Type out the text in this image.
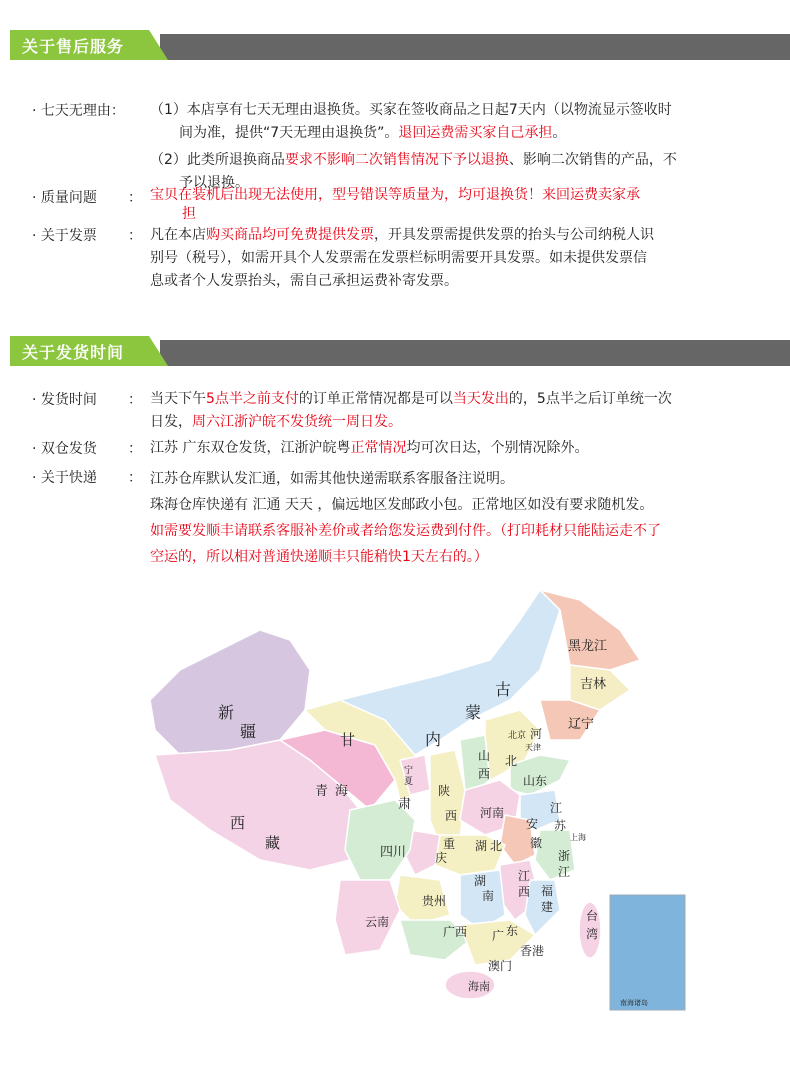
关于售后服务
· 七天无理由： （1）本店享有七天无理由退换货。买家在签收商品之日起7天内（以物流显示签收时
间为准，提供“7天无理由退换货”。退回运费需买家自己承担。
（2）此类所退换商品要求不影响二次销售情况下予以退换、影响二次销售的产品，不
予以退换。
· 质量问题 ： 宝贝在装机后出现无法使用，型号错误等质量为，均可退换货！来回运费卖家承
担
· 关于发票 ： 凡在本店购买商品均可免费提供发票，开具发票需提供发票的抬头与公司纳税人识
别号（税号），如需开具个人发票需在发票栏标明需要开具发票。如未提供发票信
息或者个人发票抬头，需自己承担运费补寄发票。
关于发货时间
· 发货时间 ： 当天下午5点半之前支付的订单正常情况都是可以当天发出的，5点半之后订单统一次
日发，周六江浙沪皖不发货统一周日发。
· 双仓发货 ： 江苏 广东双仓发货，江浙沪皖粤正常情况均可次日达，个别情况除外。
· 关于快递 ： 江苏仓库默认发汇通，如需其他快递需联系客服备注说明。
珠海仓库快递有 汇通 天天 ，偏远地区发邮政小包。正常地区如没有要求随机发。
如需要发顺丰请联系客服补差价或者给您发运费到付件。（打印耗材只能陆运走不了
空运的，所以相对普通快递顺丰只能稍快1天左右的。）
南海诸岛
黑龙江
吉林
辽宁
古
蒙
内
新
疆	甘	北京 河
天津
北
山
西	山东
宁
夏
青 海
肃
陕
西 河南	江
苏
安
徽	上海
西
藏
四川
重
庆
湖 北
浙
江
湖
南
江
西 福
建
贵州
台
湾
云南
广西 广 东
香港
澳门
海南
